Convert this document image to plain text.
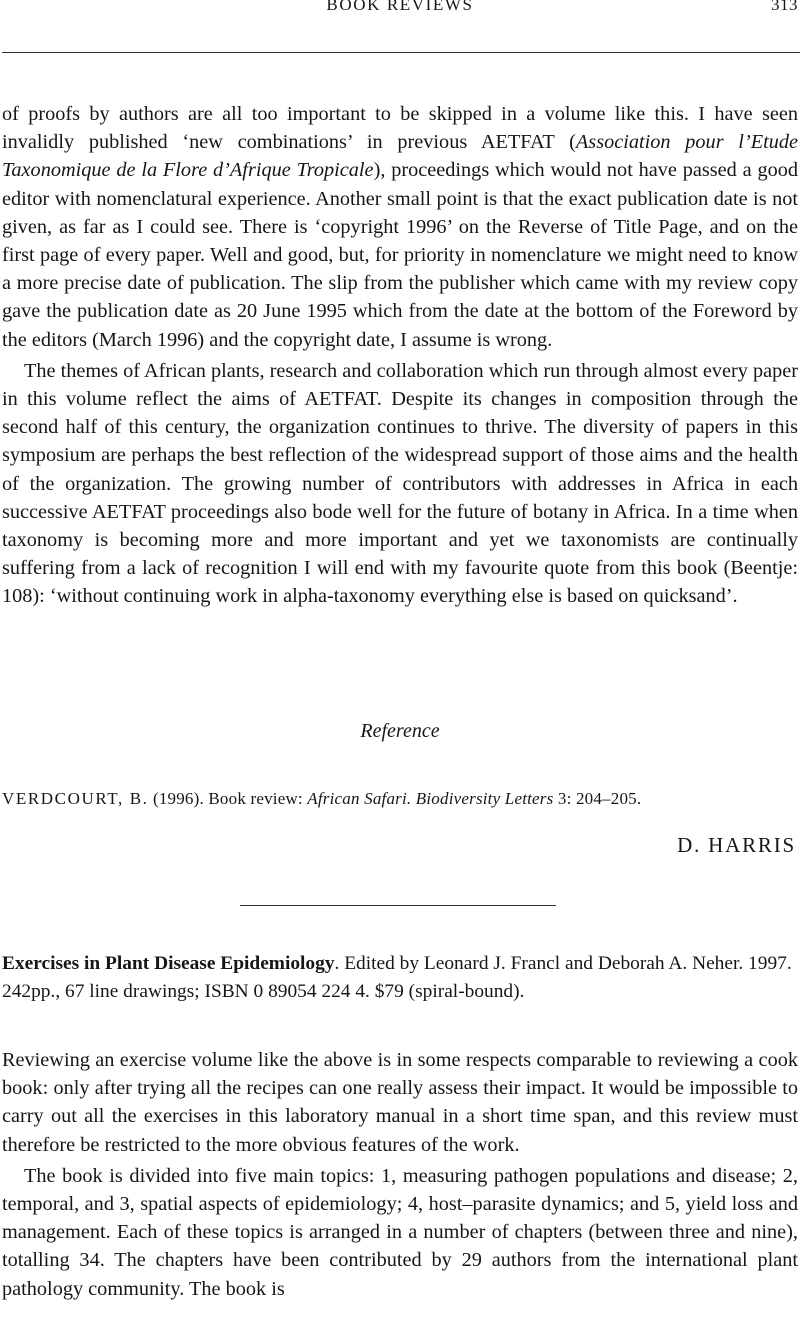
BOOK REVIEWS	313

of proofs by authors are all too important to be skipped in a volume like this. I have seen invalidly published ‘new combinations’ in previous AETFAT (Association pour l’Etude Taxonomique de la Flore d’Afrique Tropicale), proceedings which would not have passed a good editor with nomenclatural experience. Another small point is that the exact publication date is not given, as far as I could see. There is ‘copyright 1996’ on the Reverse of Title Page, and on the first page of every paper. Well and good, but, for priority in nomenclature we might need to know a more precise date of publication. The slip from the publisher which came with my review copy gave the publication date as 20 June 1995 which from the date at the bottom of the Foreword by the editors (March 1996) and the copyright date, I assume is wrong.

The themes of African plants, research and collaboration which run through almost every paper in this volume reflect the aims of AETFAT. Despite its changes in composition through the second half of this century, the organization continues to thrive. The diversity of papers in this symposium are perhaps the best reflection of the widespread support of those aims and the health of the organization. The growing number of contributors with addresses in Africa in each successive AETFAT proceedings also bode well for the future of botany in Africa. In a time when taxonomy is becoming more and more important and yet we taxonomists are continually suffering from a lack of recognition I will end with my favourite quote from this book (Beentje: 108): ‘without continuing work in alpha-taxonomy everything else is based on quicksand’.

Reference
VERDCOURT, B. (1996). Book review: African Safari. Biodiversity Letters 3: 204–205.
D. HARRIS
Exercises in Plant Disease Epidemiology. Edited by Leonard J. Francl and Deborah A. Neher. 1997. 242pp., 67 line drawings; ISBN 0 89054 224 4. $79 (spiral-bound).

Reviewing an exercise volume like the above is in some respects comparable to reviewing a cook book: only after trying all the recipes can one really assess their impact. It would be impossible to carry out all the exercises in this laboratory manual in a short time span, and this review must therefore be restricted to the more obvious features of the work.

The book is divided into five main topics: 1, measuring pathogen populations and disease; 2, temporal, and 3, spatial aspects of epidemiology; 4, host–parasite dynamics; and 5, yield loss and management. Each of these topics is arranged in a number of chapters (between three and nine), totalling 34. The chapters have been contributed by 29 authors from the international plant pathology community. The book is
